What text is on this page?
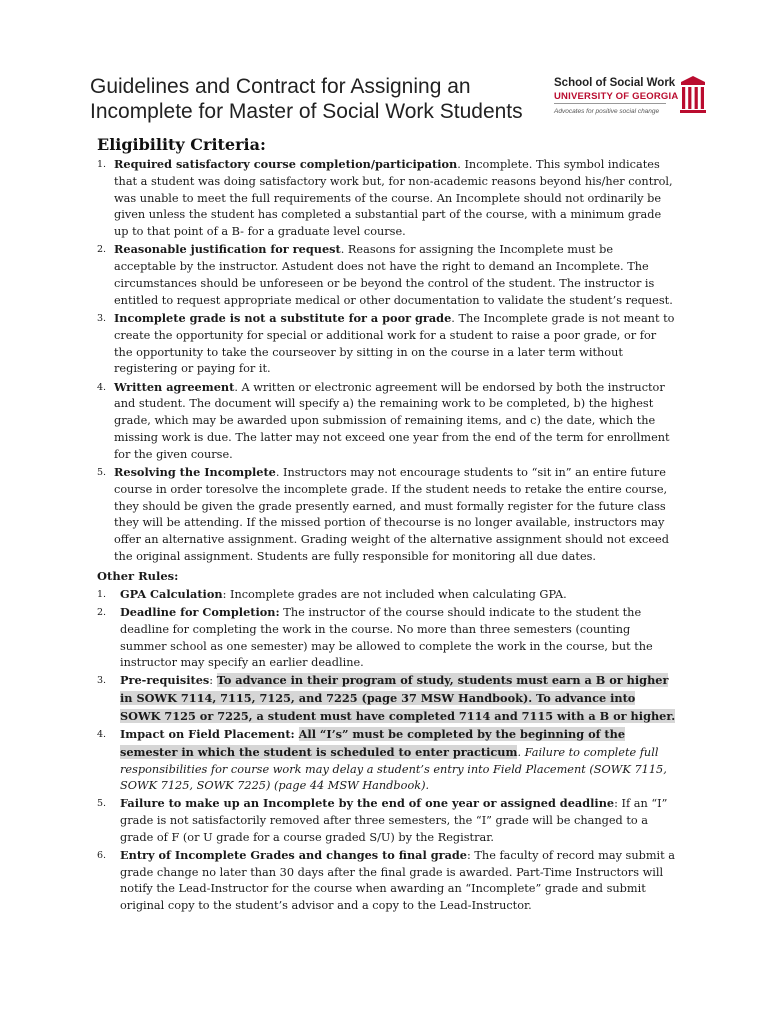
Guidelines and Contract for Assigning an
Incomplete for Master of Social Work Students
School of Social Work
UNIVERSITY OF GEORGIA
Advocates for positive social change
Eligibility Criteria:
1. Required satisfactory course completion/participation. Incomplete. This symbol indicates that a student was doing satisfactory work but, for non-academic reasons beyond his/her control, was unable to meet the full requirements of the course. An Incomplete should not ordinarily be given unless the student has completed a substantial part of the course, with a minimum grade up to that point of a B- for a graduate level course.
2. Reasonable justification for request. Reasons for assigning the Incomplete must be acceptable by the instructor. Astudent does not have the right to demand an Incomplete. The circumstances should be unforeseen or be beyond the control of the student. The instructor is entitled to request appropriate medical or other documentation to validate the student’s request.
3. Incomplete grade is not a substitute for a poor grade. The Incomplete grade is not meant to create the opportunity for special or additional work for a student to raise a poor grade, or for the opportunity to take the courseover by sitting in on the course in a later term without registering or paying for it.
4. Written agreement. A written or electronic agreement will be endorsed by both the instructor and student. The document will specify a) the remaining work to be completed, b) the highest grade, which may be awarded upon submission of remaining items, and c) the date, which the missing work is due. The latter may not exceed one year from the end of the term for enrollment for the given course.
5. Resolving the Incomplete. Instructors may not encourage students to “sit in” an entire future course in order toresolve the incomplete grade. If the student needs to retake the entire course, they should be given the grade presently earned, and must formally register for the future class they will be attending. If the missed portion of thecourse is no longer available, instructors may offer an alternative assignment. Grading weight of the alternative assignment should not exceed the original assignment. Students are fully responsible for monitoring all due dates.
Other Rules:
1. GPA Calculation: Incomplete grades are not included when calculating GPA.
2. Deadline for Completion: The instructor of the course should indicate to the student the deadline for completing the work in the course. No more than three semesters (counting summer school as one semester) may be allowed to complete the work in the course, but the instructor may specify an earlier deadline.
3. Pre-requisites: To advance in their program of study, students must earn a B or higher in SOWK 7114, 7115, 7125, and 7225 (page 37 MSW Handbook). To advance into SOWK 7125 or 7225, a student must have completed 7114 and 7115 with a B or higher.
4. Impact on Field Placement: All “I’s” must be completed by the beginning of the semester in which the student is scheduled to enter practicum. Failure to complete full responsibilities for course work may delay a student’s entry into Field Placement (SOWK 7115, SOWK 7125, SOWK 7225) (page 44 MSW Handbook).
5. Failure to make up an Incomplete by the end of one year or assigned deadline: If an “I” grade is not satisfactorily removed after three semesters, the “I” grade will be changed to a grade of F (or U grade for a course graded S/U) by the Registrar.
6. Entry of Incomplete Grades and changes to final grade: The faculty of record may submit a grade change no later than 30 days after the final grade is awarded. Part-Time Instructors will notify the Lead-Instructor for the course when awarding an “Incomplete” grade and submit original copy to the student’s advisor and a copy to the Lead-Instructor.
